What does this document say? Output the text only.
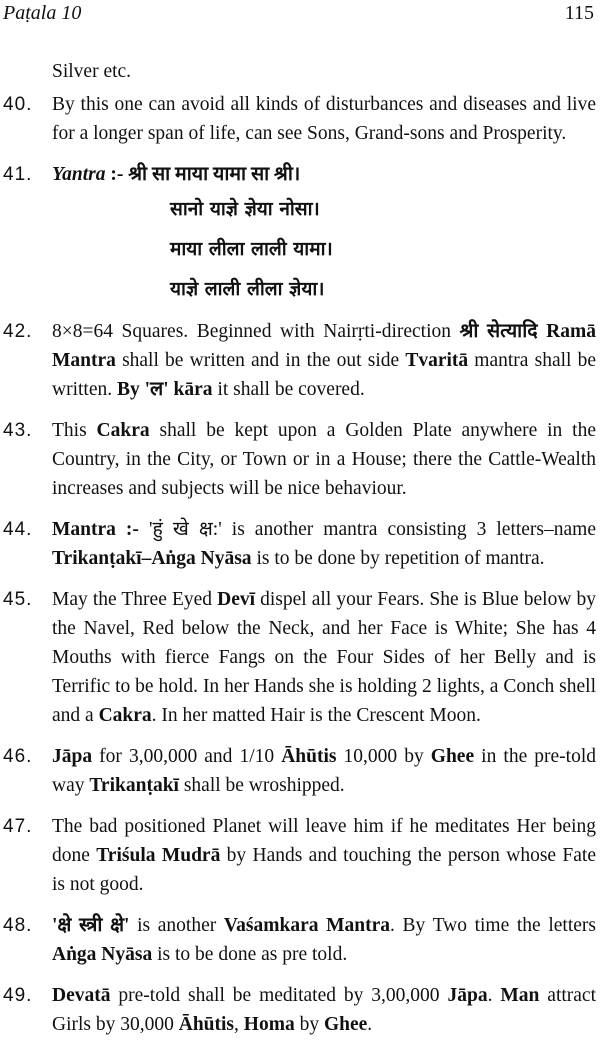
Paṭala 10	115
Silver etc.
40.	By this one can avoid all kinds of disturbances and diseases and live for a longer span of life, can see Sons, Grand-sons and Prosperity.
41.	Yantra :- श्री सा माया यामा सा श्री।
सानो याज्ञे ज्ञेया नोसा।
माया लीला लाली यामा।
याज्ञे लाली लीला ज्ञेया।
42.	8×8=64 Squares. Beginned with Nairṛti-direction श्री सेत्यादि Ramā Mantra shall be written and in the out side Tvaritā mantra shall be written. By 'ल' kāra it shall be covered.
43.	This Cakra shall be kept upon a Golden Plate anywhere in the Country, in the City, or Town or in a House; there the Cattle-Wealth increases and subjects will be nice behaviour.
44.	Mantra :- 'हुं खे क्ष:' is another mantra consisting 3 letters–name Trikanṭakī–Aṅga Nyāsa is to be done by repetition of mantra.
45.	May the Three Eyed Devī dispel all your Fears. She is Blue below by the Navel, Red below the Neck, and her Face is White; She has 4 Mouths with fierce Fangs on the Four Sides of her Belly and is Terrific to be hold. In her Hands she is holding 2 lights, a Conch shell and a Cakra. In her matted Hair is the Crescent Moon.
46.	Jāpa for 3,00,000 and 1/10 Āhūtis 10,000 by Ghee in the pre-told way Trikanṭakī shall be wroshipped.
47.	The bad positioned Planet will leave him if he meditates Her being done Triśula Mudrā by Hands and touching the person whose Fate is not good.
48.	'क्षे स्त्री क्षे' is another Vaśamkara Mantra. By Two time the letters Aṅga Nyāsa is to be done as pre told.
49.	Devatā pre-told shall be meditated by 3,00,000 Jāpa. Man attract Girls by 30,000 Āhūtis, Homa by Ghee.
